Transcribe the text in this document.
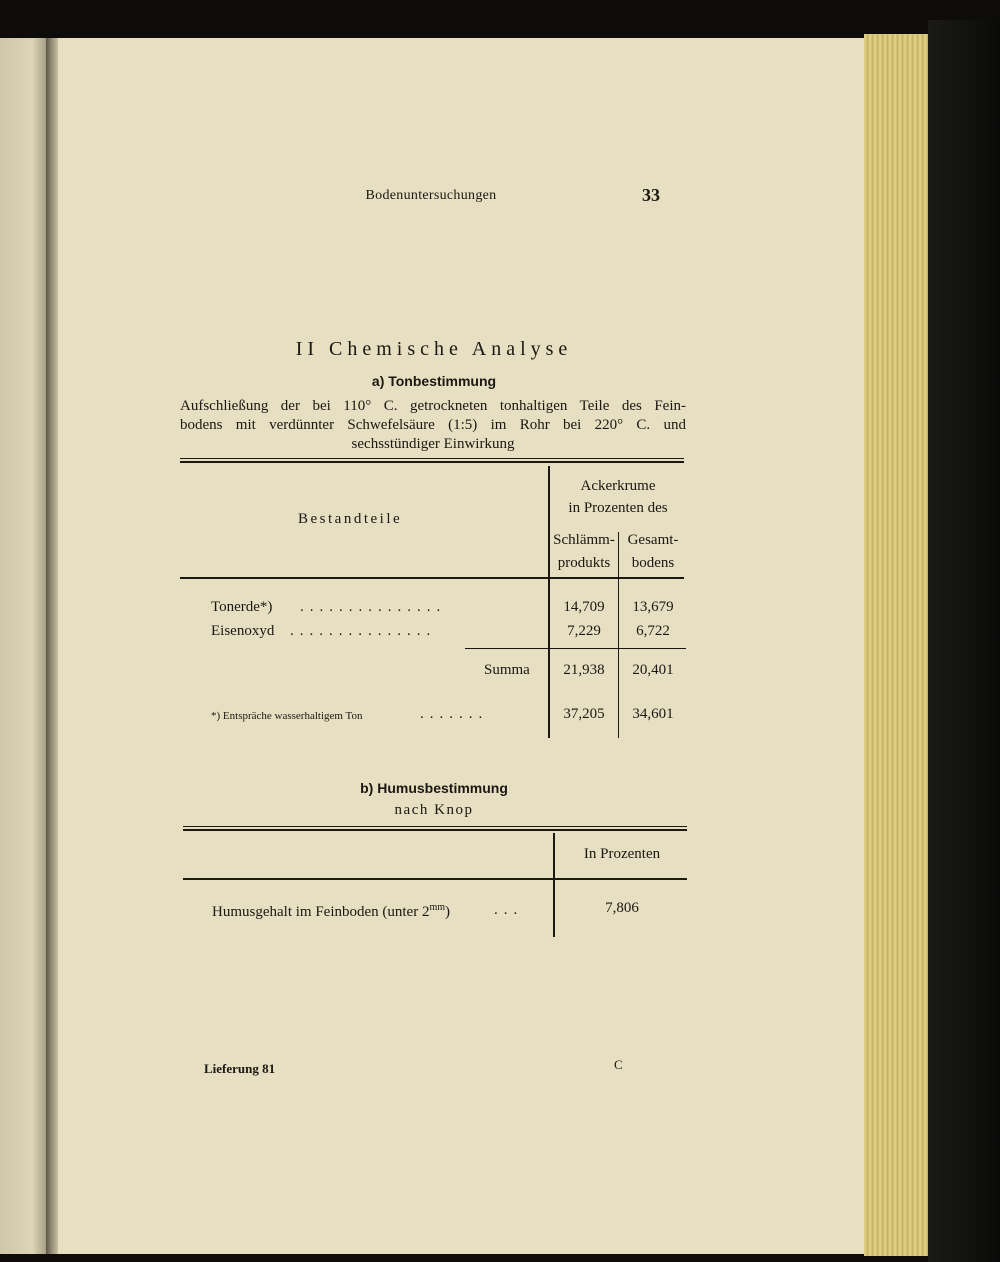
Bodenuntersuchungen	33
II Chemische Analyse
a) Tonbestimmung
Aufschließung der bei 110° C. getrockneten tonhaltigen Teile des Fein-
bodens mit verdünnter Schwefelsäure (1:5) im Rohr bei 220° C. und
sechsstündiger Einwirkung
Bestandteile
Ackerkrume
in Prozenten des
Schlämm-
produkts
Gesamt-
bodens
Tonerde*) ...............	14,709	13,679
Eisenoxyd ...............	7,229	6,722
Summa	21,938	20,401
*) Entspräche wasserhaltigem Ton	.......	37,205	34,601
b) Humusbestimmung
nach Knop
In Prozenten
Humusgehalt im Feinboden (unter $2^{mm}$)	...	7,806
Lieferung 81	C
